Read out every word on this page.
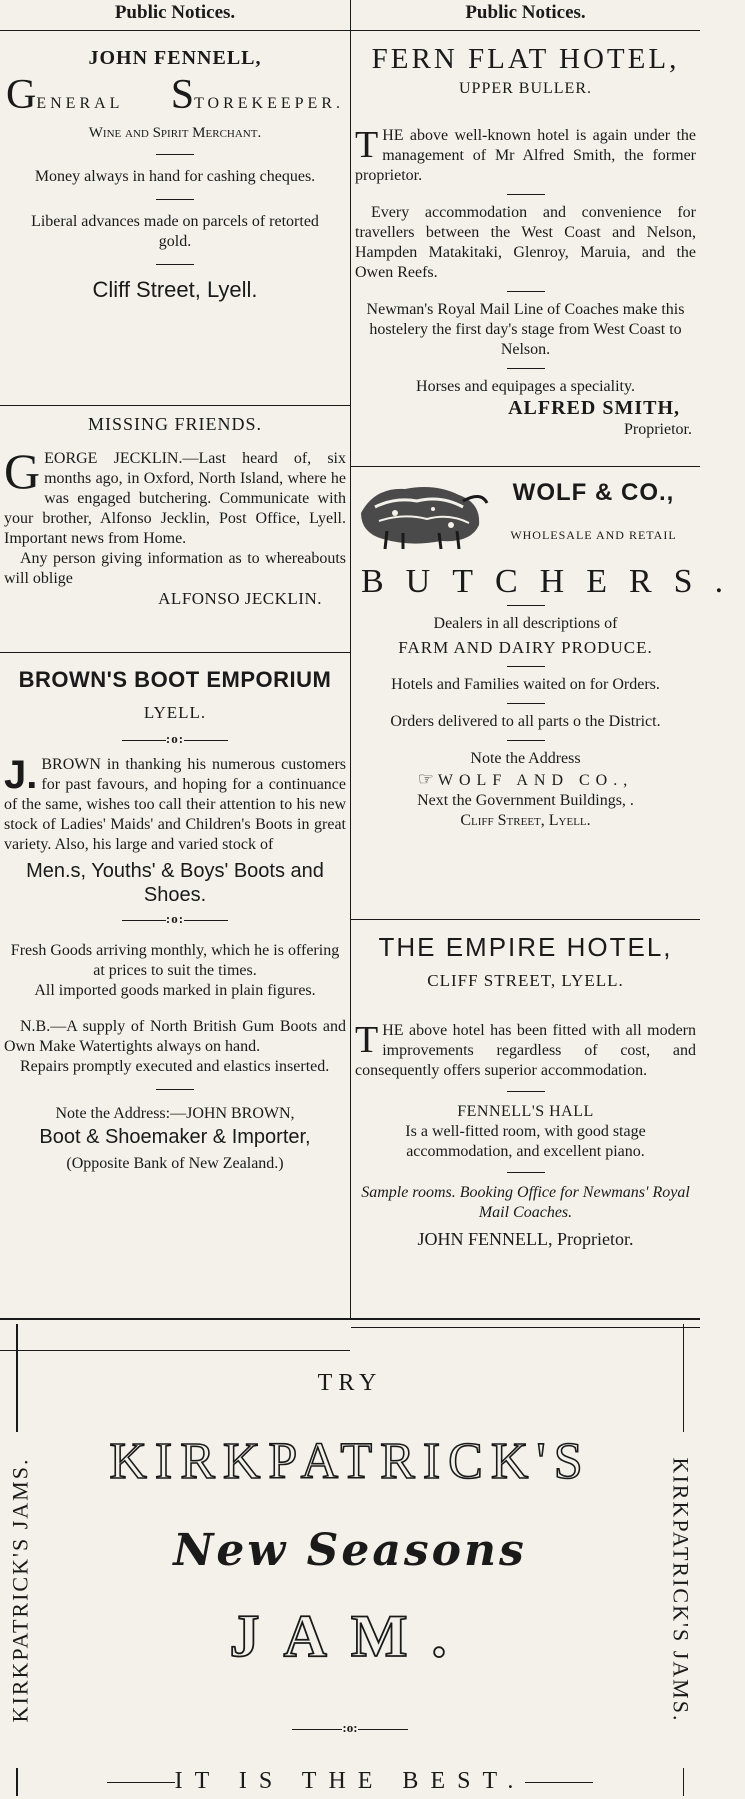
Public Notices.
JOHN FENNELL,
GENERAL STOREKEEPER.
Wine and Spirit Merchant.
Money always in hand for cashing cheques.
Liberal advances made on parcels of retorted gold.
Cliff Street, Lyell.
MISSING FRIENDS.
GEORGE JECKLIN.—Last heard of, six months ago, in Oxford, North Island, where he was engaged butchering. Communicate with your brother, Alfonso Jecklin, Post Office, Lyell. Important news from Home.
Any person giving information as to whereabouts will oblige
ALFONSO JECKLIN.
BROWN'S BOOT EMPORIUM
LYELL.
:o:
J. BROWN in thanking his numerous customers for past favours, and hoping for a continuance of the same, wishes too call their attention to his new stock of Ladies' Maids' and Children's Boots in great variety. Also, his large and varied stock of
Men.s, Youths' & Boys' Boots and Shoes.
:o:
Fresh Goods arriving monthly, which he is offering at prices to suit the times.
All imported goods marked in plain figures.
N.B.—A supply of North British Gum Boots and Own Make Watertights always on hand.
Repairs promptly executed and elastics inserted.
Note the Address:—JOHN BROWN,
Boot & Shoemaker & Importer,
(Opposite Bank of New Zealand.)
Public Notices.
FERN FLAT HOTEL,
UPPER BULLER.
THE above well-known hotel is again under the management of Mr Alfred Smith, the former proprietor.
Every accommodation and convenience for travellers between the West Coast and Nelson, Hampden Matakitaki, Glenroy, Maruia, and the Owen Reefs.
Newman's Royal Mail Line of Coaches make this hostelery the first day's stage from West Coast to Nelson.
Horses and equipages a speciality.
ALFRED SMITH,
Proprietor.
WOLF & CO.,
WHOLESALE AND RETAIL
BUTCHERS.
Dealers in all descriptions of
FARM AND DAIRY PRODUCE.
Hotels and Families waited on for Orders.
Orders delivered to all parts o the District.
Note the Address
☞ WOLF AND CO.,
Next the Government Buildings, .
Cliff Street, Lyell.
THE EMPIRE HOTEL,
CLIFF STREET, LYELL.
THE above hotel has been fitted with all modern improvements regardless of cost, and consequently offers superior accommodation.
FENNELL'S HALL
Is a well-fitted room, with good stage accommodation, and excellent piano.
Sample rooms. Booking Office for Newmans' Royal Mail Coaches.
JOHN FENNELL, Proprietor.
KIRKPATRICK'S JAMS.	KIRKPATRICK'S JAMS.
TRY
KIRKPATRICK'S
New Seasons
JAM.
:o:
IT IS THE BEST.
